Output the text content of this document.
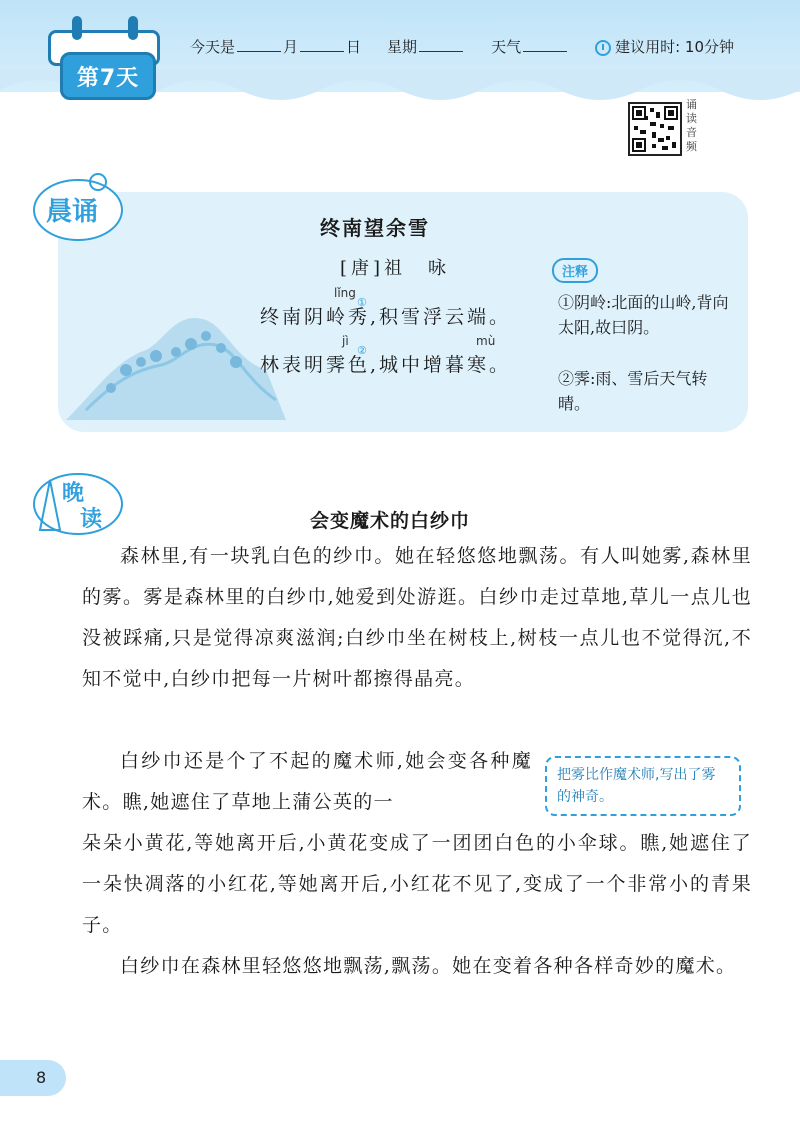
第7天
今天是	月	日 星期	天气	建议用时: 10分钟
诵读音频
晨诵
终南望余雪
[唐]祖　咏
lǐng
终南阴岭秀,积雪浮云端。
①
jì	mù
林表明霁色,城中增暮寒。
②
注释
①阴岭:北面的山岭,背向太阳,故曰阴。
②霁:雨、雪后天气转晴。
晚
读	会变魔术的白纱巾
森林里,有一块乳白色的纱巾。她在轻悠悠地飘荡。有人叫她雾,森林里的雾。雾是森林里的白纱巾,她爱到处游逛。白纱巾走过草地,草儿一点儿也没被踩痛,只是觉得凉爽滋润;白纱巾坐在树枝上,树枝一点儿也不觉得沉,不知不觉中,白纱巾把每一片树叶都擦得晶亮。
白纱巾还是个了不起的魔术师,她会变各种魔术。瞧,她遮住了草地上蒲公英的一
朵朵小黄花,等她离开后,小黄花变成了一团团白色的小伞球。瞧,她遮住了一朵快凋落的小红花,等她离开后,小红花不见了,变成了一个非常小的青果子。
白纱巾在森林里轻悠悠地飘荡,飘荡。她在变着各种各样奇妙的魔术。
把雾比作魔术师,写出了雾的神奇。
8
